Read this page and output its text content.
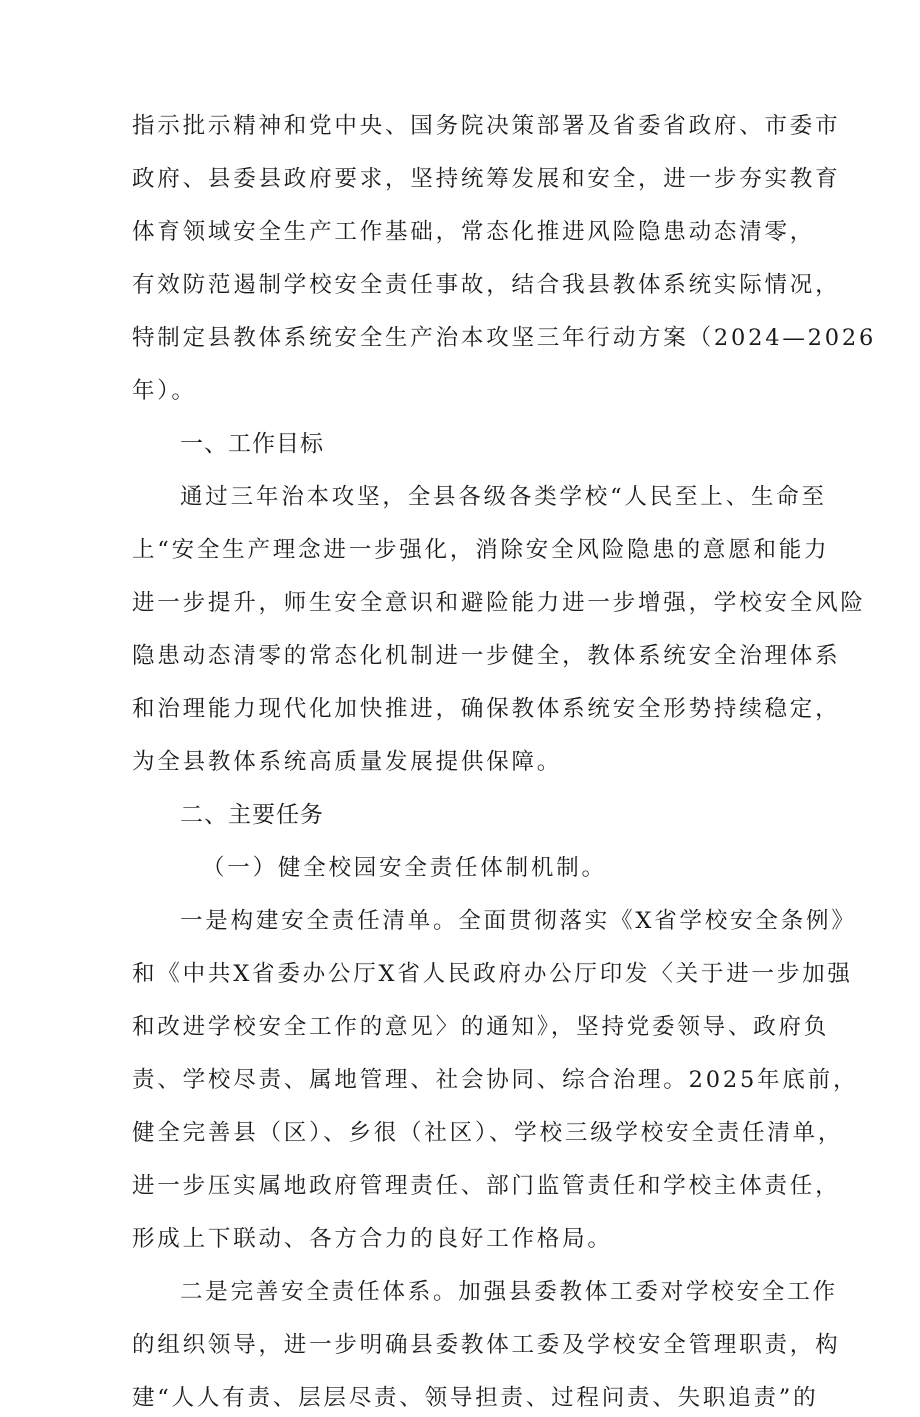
指示批示精神和党中央、国务院决策部署及省委省政府、市委市
政府、县委县政府要求，坚持统筹发展和安全，进一步夯实教育
体育领域安全生产工作基础，常态化推进风险隐患动态清零，
有效防范遏制学校安全责任事故，结合我县教体系统实际情况，
特制定县教体系统安全生产治本攻坚三年行动方案（2024—2026
年）。
一、工作目标
通过三年治本攻坚，全县各级各类学校“人民至上、生命至
上“安全生产理念进一步强化，消除安全风险隐患的意愿和能力
进一步提升，师生安全意识和避险能力进一步增强，学校安全风险
隐患动态清零的常态化机制进一步健全，教体系统安全治理体系
和治理能力现代化加快推进，确保教体系统安全形势持续稳定，
为全县教体系统高质量发展提供保障。
二、主要任务
（一）健全校园安全责任体制机制。
一是构建安全责任清单。全面贯彻落实《X省学校安全条例》
和《中共X省委办公厅X省人民政府办公厅印发〈关于进一步加强
和改进学校安全工作的意见〉的通知》，坚持党委领导、政府负
责、学校尽责、属地管理、社会协同、综合治理。2025年底前，
健全完善县（区）、乡很（社区）、学校三级学校安全责任清单，
进一步压实属地政府管理责任、部门监管责任和学校主体责任，
形成上下联动、各方合力的良好工作格局。
二是完善安全责任体系。加强县委教体工委对学校安全工作
的组织领导，进一步明确县委教体工委及学校安全管理职责，构
建“人人有责、层层尽责、领导担责、过程问责、失职追责”的
